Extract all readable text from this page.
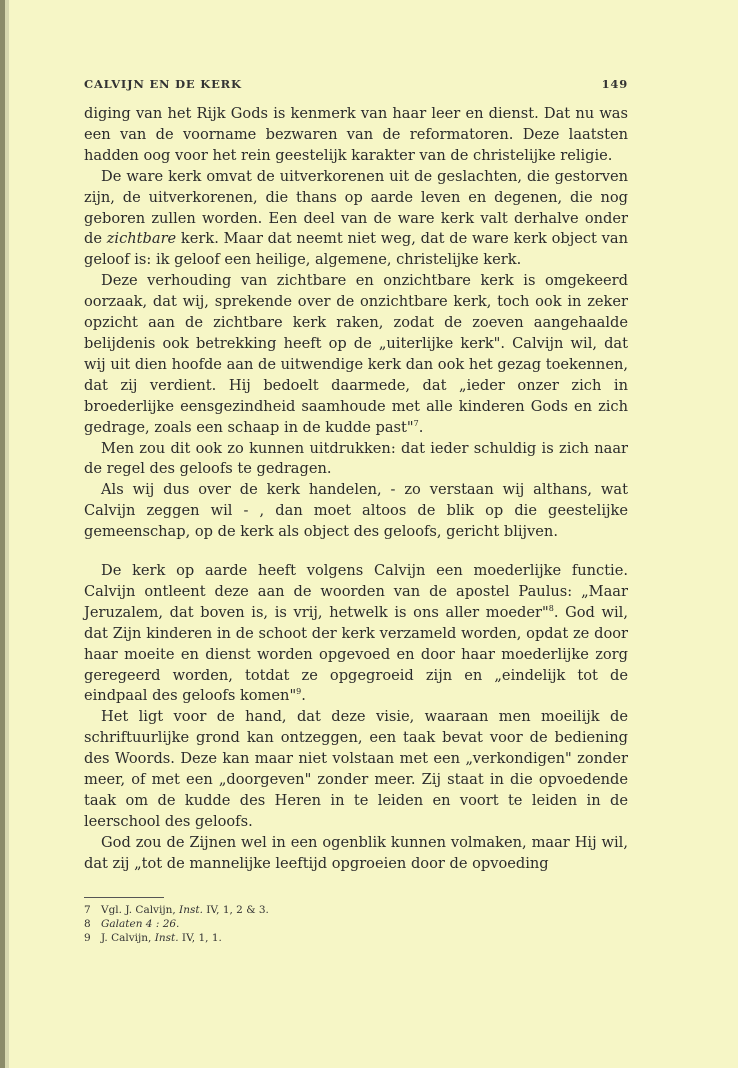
CALVIJN EN DE KERK	149

diging van het Rijk Gods is kenmerk van haar leer en dienst. Dat nu was een van de voorname bezwaren van de reformatoren. Deze laatsten hadden oog voor het rein geestelijk karakter van de christelijke religie.

De ware kerk omvat de uitverkorenen uit de geslachten, die gestorven zijn, de uitverkorenen, die thans op aarde leven en degenen, die nog geboren zullen worden. Een deel van de ware kerk valt derhalve onder de zichtbare kerk. Maar dat neemt niet weg, dat de ware kerk object van geloof is: ik geloof een heilige, algemene, christelijke kerk.

Deze verhouding van zichtbare en onzichtbare kerk is omgekeerd oorzaak, dat wij, sprekende over de onzichtbare kerk, toch ook in zeker opzicht aan de zichtbare kerk raken, zodat de zoeven aangehaalde belijdenis ook betrekking heeft op de „uiterlijke kerk". Calvijn wil, dat wij uit dien hoofde aan de uitwendige kerk dan ook het gezag toekennen, dat zij verdient. Hij bedoelt daarmede, dat „ieder onzer zich in broederlijke eensgezindheid saamhoude met alle kinderen Gods en zich gedrage, zoals een schaap in de kudde past"$^7$.

Men zou dit ook zo kunnen uitdrukken: dat ieder schuldig is zich naar de regel des geloofs te gedragen.

Als wij dus over de kerk handelen, - zo verstaan wij althans, wat Calvijn zeggen wil - , dan moet altoos de blik op die geestelijke gemeenschap, op de kerk als object des geloofs, gericht blijven.

De kerk op aarde heeft volgens Calvijn een moederlijke functie. Calvijn ontleent deze aan de woorden van de apostel Paulus: „Maar Jeruzalem, dat boven is, is vrij, hetwelk is ons aller moeder"$^8$. God wil, dat Zijn kinderen in de schoot der kerk verzameld worden, opdat ze door haar moeite en dienst worden opgevoed en door haar moederlijke zorg geregeerd worden, totdat ze opgegroeid zijn en „eindelijk tot de eindpaal des geloofs komen"$^9$.

Het ligt voor de hand, dat deze visie, waaraan men moeilijk de schriftuurlijke grond kan ontzeggen, een taak bevat voor de bediening des Woords. Deze kan maar niet volstaan met een „verkondigen" zonder meer, of met een „doorgeven" zonder meer. Zij staat in die opvoedende taak om de kudde des Heren in te leiden en voort te leiden in de leerschool des geloofs.

God zou de Zijnen wel in een ogenblik kunnen volmaken, maar Hij wil, dat zij „tot de mannelijke leeftijd opgroeien door de opvoeding

7 Vgl. J. Calvijn, Inst. IV, 1, 2 & 3.
8 Galaten 4 : 26.
9 J. Calvijn, Inst. IV, 1, 1.
